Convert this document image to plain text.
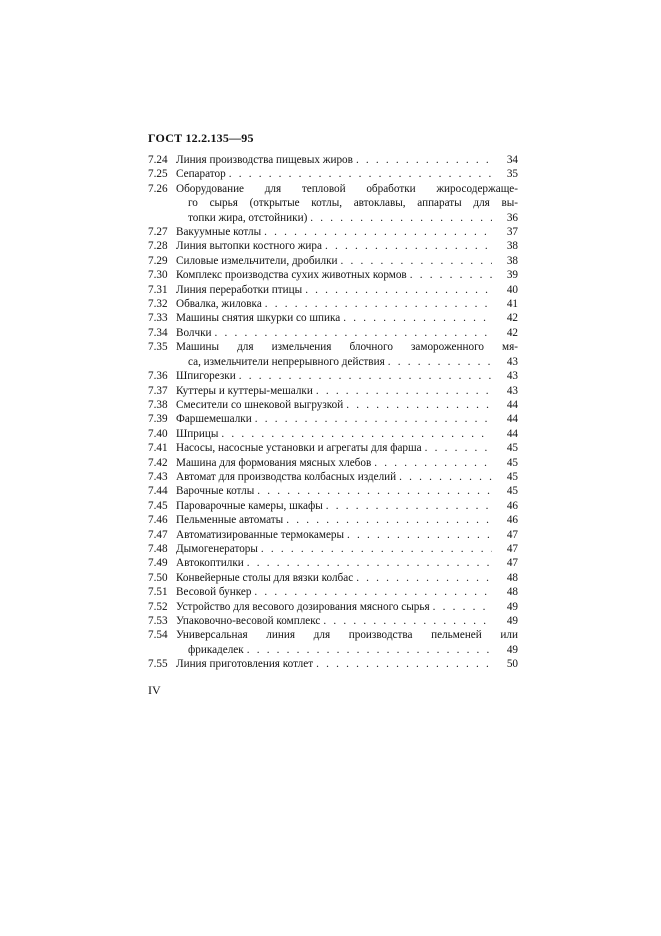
ГОСТ 12.2.135—95
7.24 Линия производства пищевых жиров . . .	34
7.25 Сепаратор . . .	35
7.26 Оборудование для тепловой обработки жиросодержаще-
го сырья (открытые котлы, автоклавы, аппараты для вы-
топки жира, отстойники) . . .	36
7.27 Вакуумные котлы . . .	37
7.28 Линия вытопки костного жира . . .	38
7.29 Силовые измельчители, дробилки . . .	38
7.30 Комплекс производства сухих животных кормов . . .	39
7.31 Линия переработки птицы . . .	40
7.32 Обвалка, жиловка . . .	41
7.33 Машины снятия шкурки со шпика . . .	42
7.34 Волчки . . .	42
7.35 Машины для измельчения блочного замороженного мя-
са, измельчители непрерывного действия . . .	43
7.36 Шпигорезки . . .	43
7.37 Куттеры и куттеры-мешалки . . .	43
7.38 Смесители со шнековой выгрузкой . . .	44
7.39 Фаршемешалки . . .	44
7.40 Шприцы . . .	44
7.41 Насосы, насосные установки и агрегаты для фарша . . .	45
7.42 Машина для формования мясных хлебов . . .	45
7.43 Автомат для производства колбасных изделий . . .	45
7.44 Варочные котлы . . .	45
7.45 Пароварочные камеры, шкафы . . .	46
7.46 Пельменные автоматы . . .	46
7.47 Автоматизированные термокамеры . . .	47
7.48 Дымогенераторы . . .	47
7.49 Автокоптилки . . .	47
7.50 Конвейерные столы для вязки колбас . . .	48
7.51 Весовой бункер . . .	48
7.52 Устройство для весового дозирования мясного сырья . . .	49
7.53 Упаковочно-весовой комплекс . . .	49
7.54 Универсальная линия для производства пельменей или
фрикаделек . . .	49
7.55 Линия приготовления котлет . . .	50
IV
